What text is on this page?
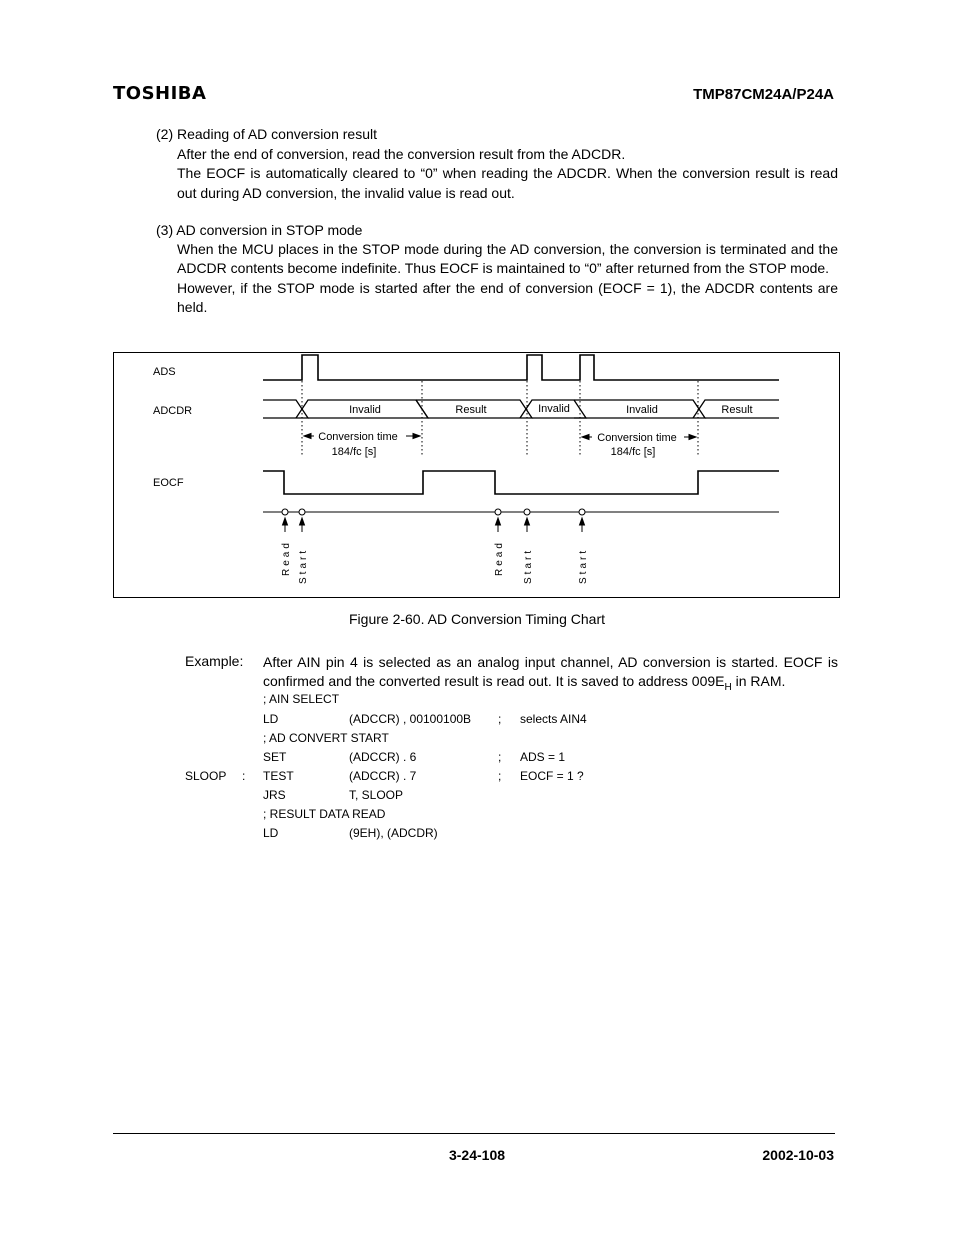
TOSHIBA	TMP87CM24A/P24A
(2) Reading of AD conversion result

After the end of conversion, read the conversion result from the ADCDR.

The EOCF is automatically cleared to “0” when reading the ADCDR. When the conversion result is read out during AD conversion, the invalid value is read out.

(3) AD conversion in STOP mode

When the MCU places in the STOP mode during the AD conversion, the conversion is terminated and the ADCDR contents become indefinite. Thus EOCF is maintained to “0” after returned from the STOP mode.

However, if the STOP mode is started after the end of conversion (EOCF = 1), the ADCDR contents are held.

ADS
ADCDR
EOCF
Invalid	Result	Invalid	Invalid	Result
Conversion time
184/fc [s]
Conversion time
184/fc [s]
Read Start	Read Start	Start
Figure 2-60. AD Conversion Timing Chart
Example: After AIN pin 4 is selected as an analog input channel, AD conversion is started. EOCF is confirmed and the converted result is read out. It is saved to address $009E_H$ in RAM.
; AIN SELECT
LD	(ADCCR) , 00100100B ; selects AIN4
; AD CONVERT START
SET	(ADCCR) . 6	; ADS = 1
SLOOP : TEST	(ADCCR) . 7	; EOCF = 1 ?
JRS	T, SLOOP
; RESULT DATA READ
LD	(9EH), (ADCDR)
3-24-108	2002-10-03
